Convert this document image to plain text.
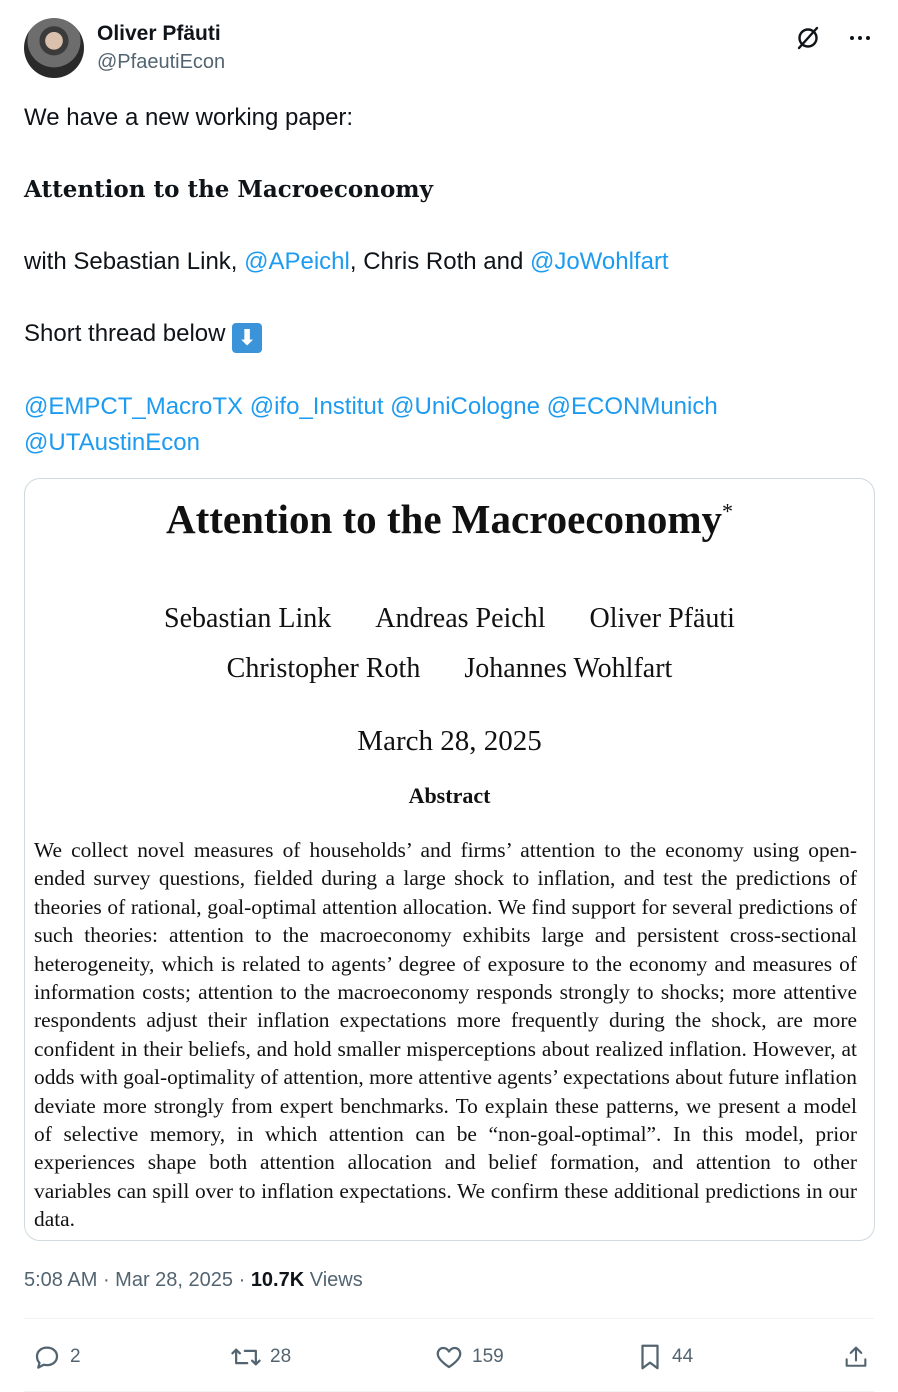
Oliver Pfäuti
@PfaeutiEcon

We have a new working paper:

Attention to the Macroeconomy

with Sebastian Link, @APeichl, Chris Roth and @JoWohlfart

Short thread below ⬇

@EMPCT_MacroTX @ifo_Institut @UniCologne @ECONMunich
@UTAustinEcon

Attention to the Macroeconomy*
Sebastian Link Andreas Peichl Oliver Pfäuti
Christopher Roth Johannes Wohlfart
March 28, 2025
Abstract
We collect novel measures of households’ and firms’ attention to the economy using open-ended survey questions, fielded during a large shock to inflation, and test the predictions of theories of rational, goal-optimal attention allocation. We find support for several predictions of such theories: attention to the macroeconomy exhibits large and persistent cross-sectional heterogeneity, which is related to agents’ degree of exposure to the economy and measures of information costs; attention to the macroeconomy responds strongly to shocks; more attentive respondents adjust their inflation expectations more frequently during the shock, are more confident in their beliefs, and hold smaller misperceptions about realized inflation. However, at odds with goal-optimality of attention, more attentive agents’ expectations about future inflation deviate more strongly from expert benchmarks. To explain these patterns, we present a model of selective memory, in which attention can be “non-goal-optimal”. In this model, prior experiences shape both attention allocation and belief formation, and attention to other variables can spill over to inflation expectations. We confirm these additional predictions in our data.
5:08 AM · Mar 28, 2025 · 10.7K Views
2	28	159	44
